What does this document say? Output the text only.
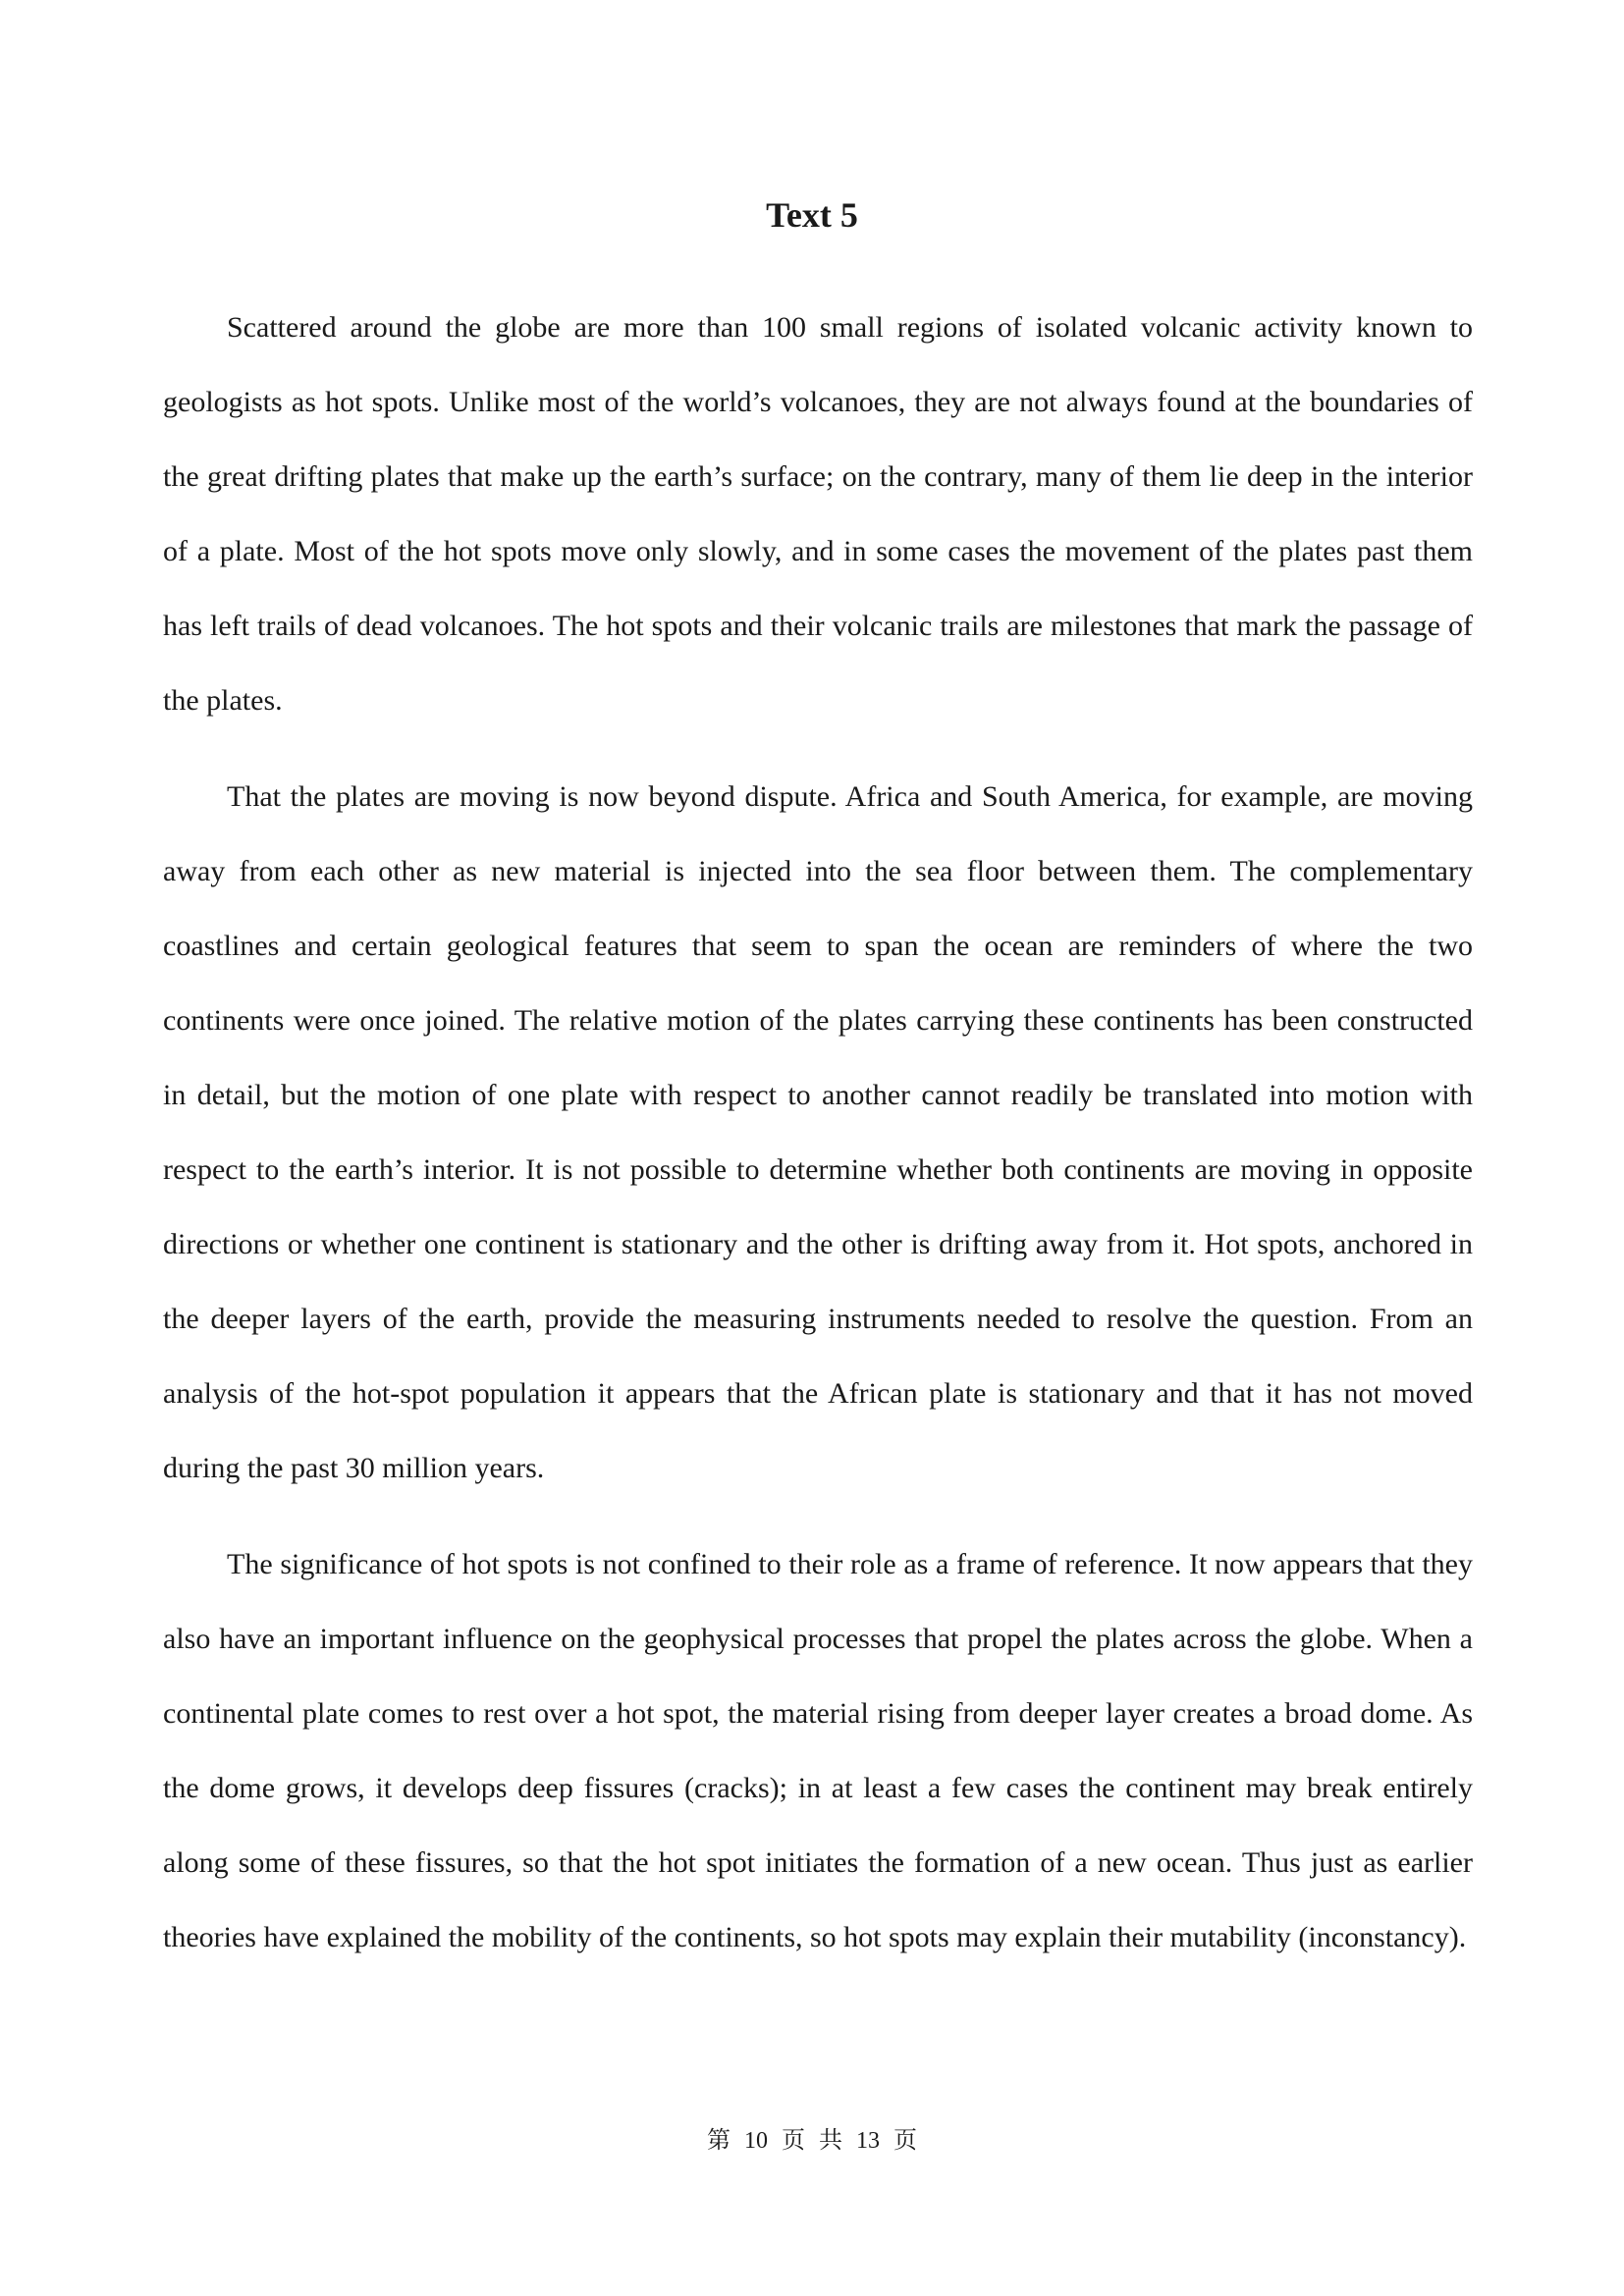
Text 5

Scattered around the globe are more than 100 small regions of isolated volcanic activity known to geologists as hot spots. Unlike most of the world’s volcanoes, they are not always found at the boundaries of the great drifting plates that make up the earth’s surface; on the contrary, many of them lie deep in the interior of a plate. Most of the hot spots move only slowly, and in some cases the movement of the plates past them has left trails of dead volcanoes. The hot spots and their volcanic trails are milestones that mark the passage of the plates.

That the plates are moving is now beyond dispute. Africa and South America, for example, are moving away from each other as new material is injected into the sea floor between them. The complementary coastlines and certain geological features that seem to span the ocean are reminders of where the two continents were once joined. The relative motion of the plates carrying these continents has been constructed in detail, but the motion of one plate with respect to another cannot readily be translated into motion with respect to the earth’s interior. It is not possible to determine whether both continents are moving in opposite directions or whether one continent is stationary and the other is drifting away from it. Hot spots, anchored in the deeper layers of the earth, provide the measuring instruments needed to resolve the question. From an analysis of the hot-spot population it appears that the African plate is stationary and that it has not moved during the past 30 million years.

The significance of hot spots is not confined to their role as a frame of reference. It now appears that they also have an important influence on the geophysical processes that propel the plates across the globe. When a continental plate comes to rest over a hot spot, the material rising from deeper layer creates a broad dome. As the dome grows, it develops deep fissures (cracks); in at least a few cases the continent may break entirely along some of these fissures, so that the hot spot initiates the formation of a new ocean. Thus just as earlier theories have explained the mobility of the continents, so hot spots may explain their mutability (inconstancy).

第 10 页 共 13 页
